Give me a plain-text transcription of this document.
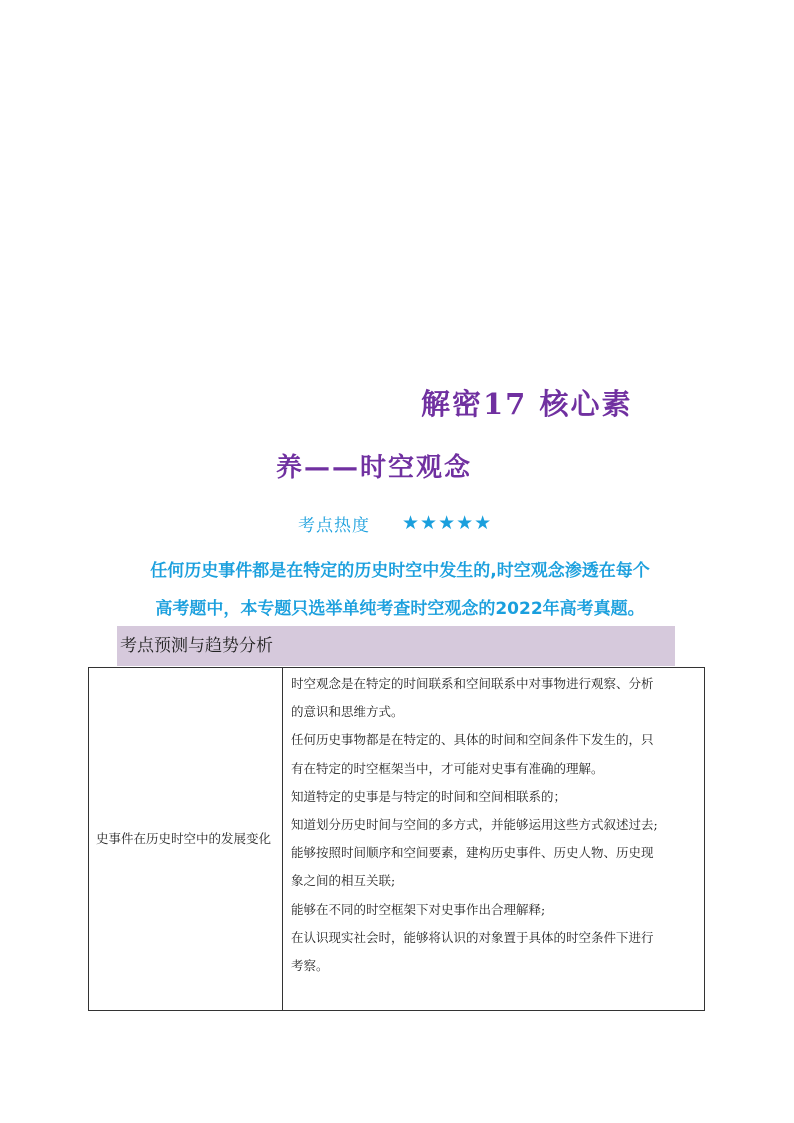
解密17 核心素
养——时空观念
考点热度 ★★★★★
任何历史事件都是在特定的历史时空中发生的,时空观念渗透在每个
高考题中，本专题只选举单纯考查时空观念的2022年高考真题。
考点预测与趋势分析
史事件在历史时空中的发展变化
时空观念是在特定的时间联系和空间联系中对事物进行观察、分析
的意识和思维方式。
任何历史事物都是在特定的、具体的时间和空间条件下发生的，只
有在特定的时空框架当中，才可能对史事有准确的理解。
知道特定的史事是与特定的时间和空间相联系的；
知道划分历史时间与空间的多方式，并能够运用这些方式叙述过去;
能够按照时间顺序和空间要素，建构历史事件、历史人物、历史现
象之间的相互关联;
能够在不同的时空框架下对史事作出合理解释;
在认识现实社会时，能够将认识的对象置于具体的时空条件下进行
考察。
